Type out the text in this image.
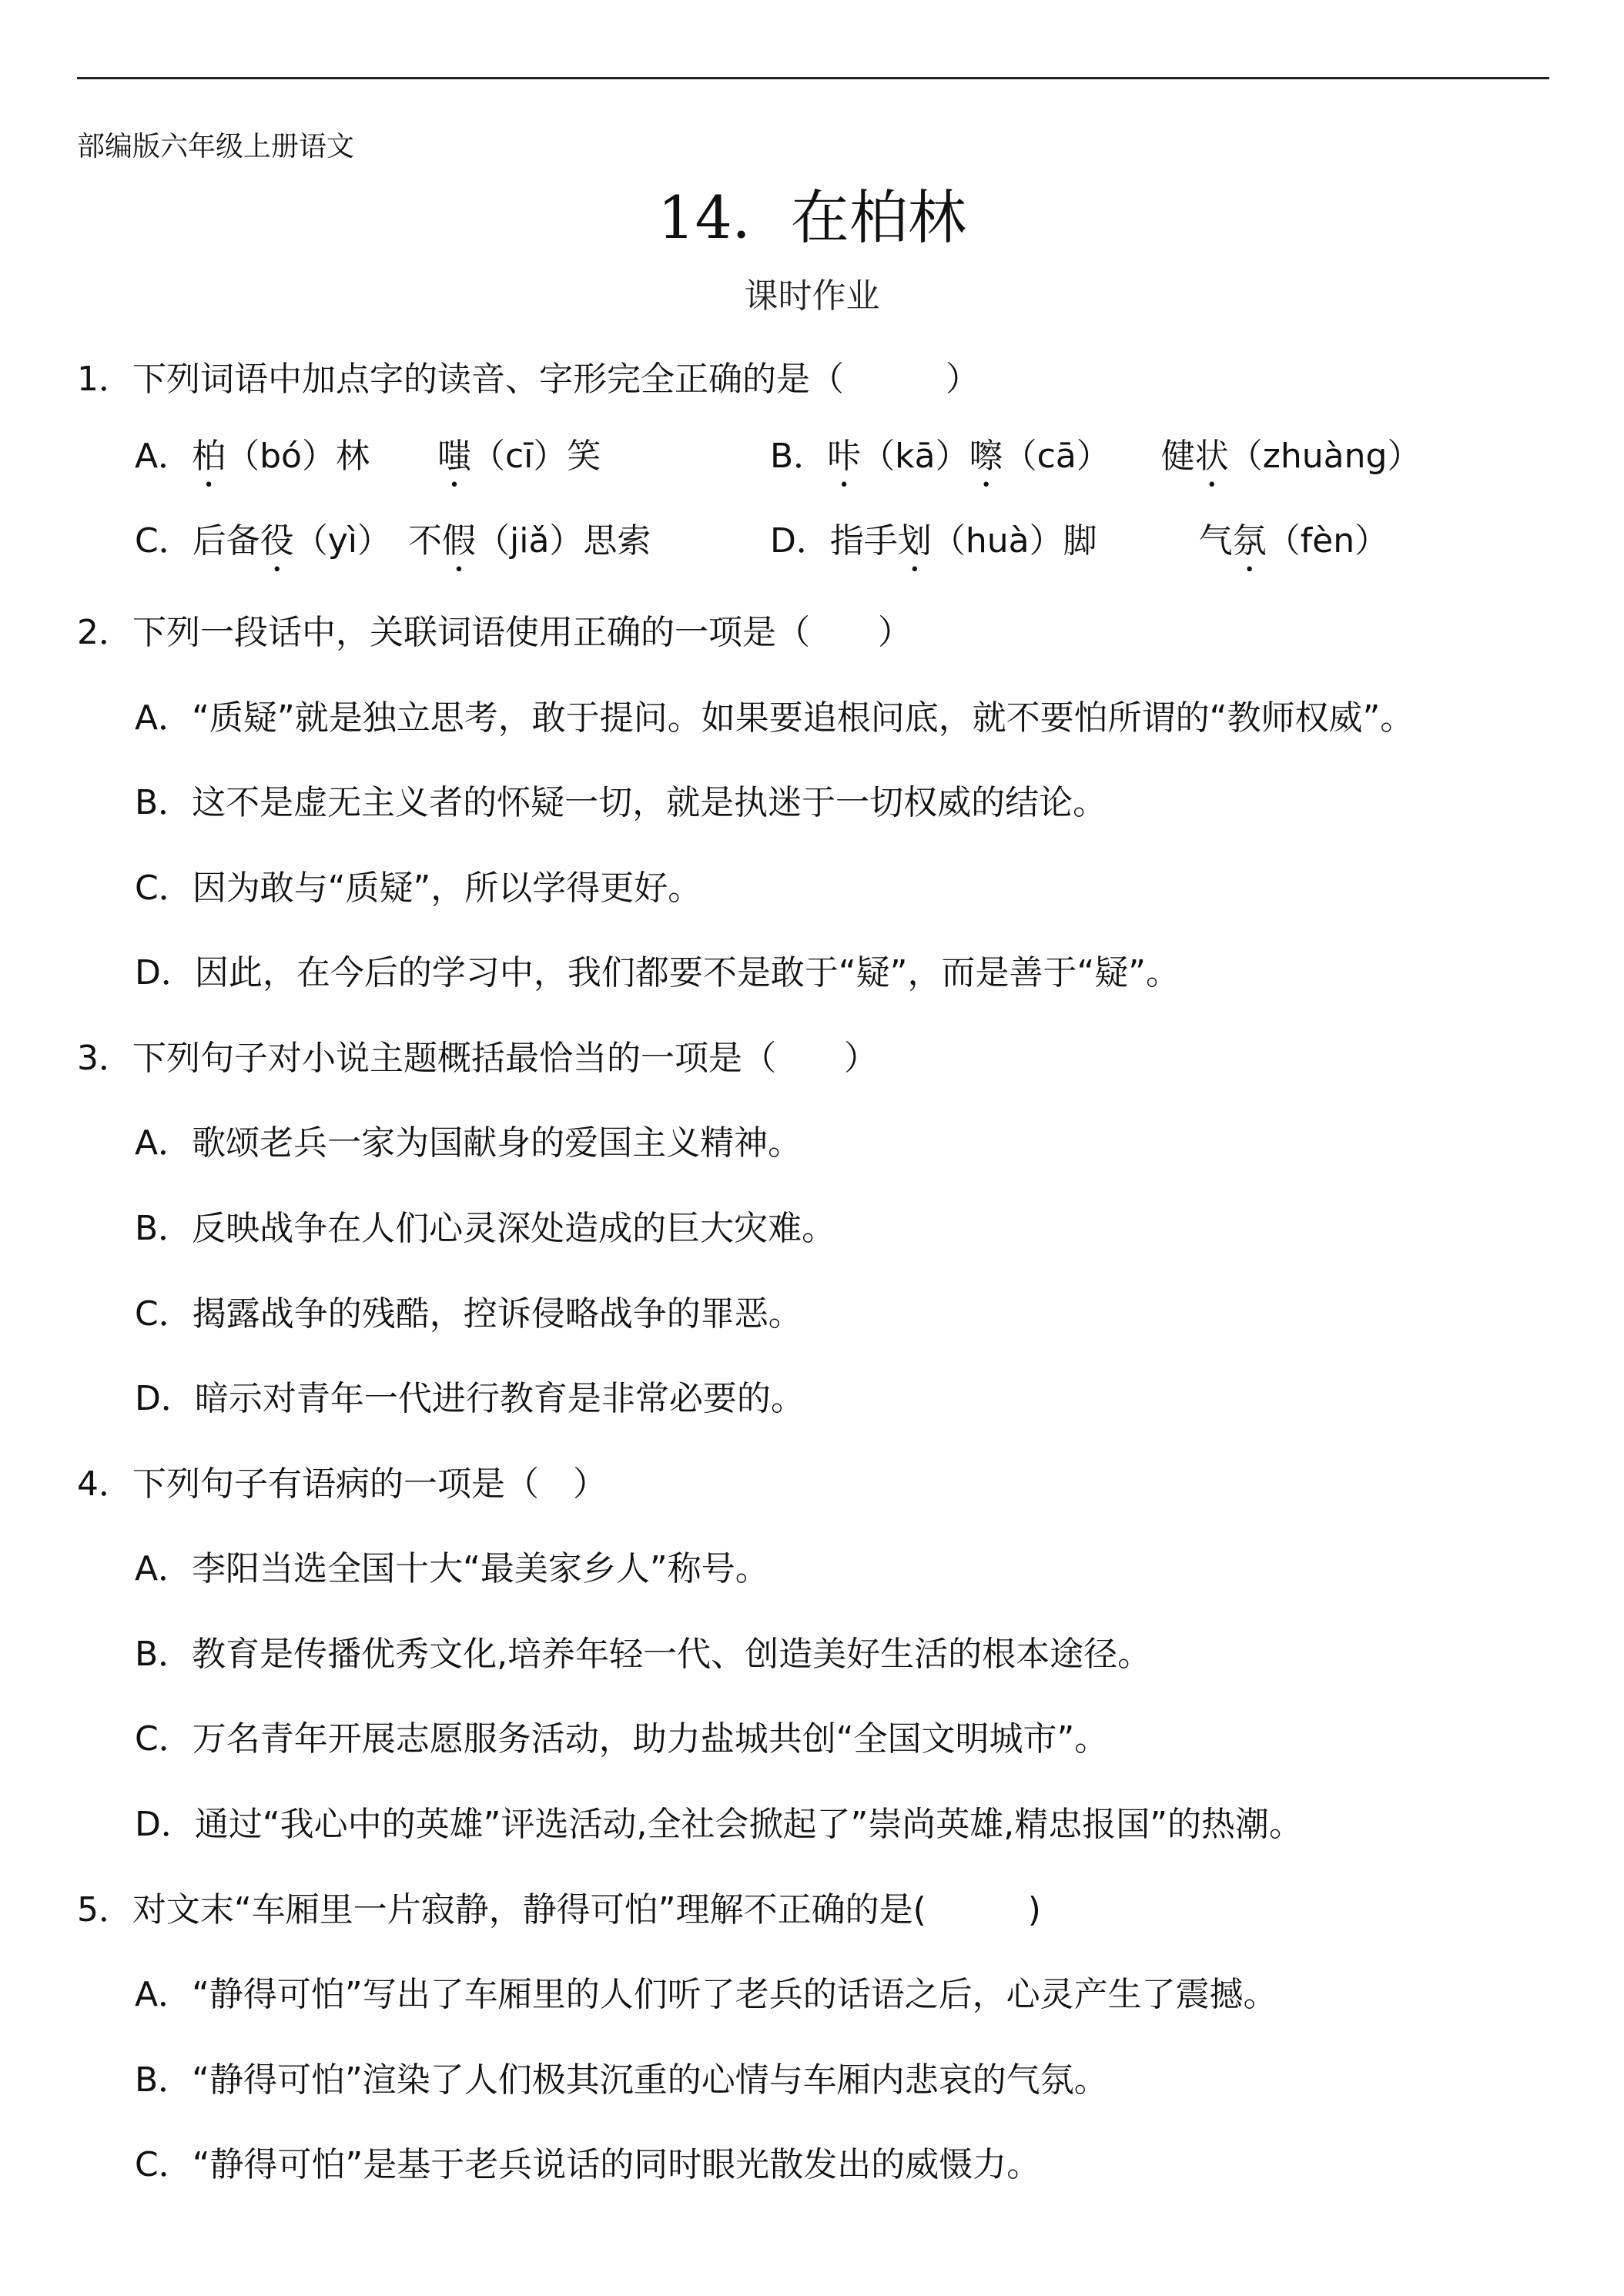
部编版六年级上册语文
14．在柏林
课时作业
1．下列词语中加点字的读音、字形完全正确的是（　　　）
A．柏（bó）林　　嗤（cī）笑	B．咔（kā）嚓（cā）　　健状（zhuàng）
C．后备役（yì）　不假（jiǎ）思索	D．指手划（huà）脚　　　气氛（fèn）
2．下列一段话中，关联词语使用正确的一项是（　　）
A．“质疑”就是独立思考，敢于提问。如果要追根问底，就不要怕所谓的“教师权威”。
B．这不是虚无主义者的怀疑一切，就是执迷于一切权威的结论。
C．因为敢与“质疑”，所以学得更好。
D．因此，在今后的学习中，我们都要不是敢于“疑”，而是善于“疑”。
3．下列句子对小说主题概括最恰当的一项是（　　）
A．歌颂老兵一家为国献身的爱国主义精神。
B．反映战争在人们心灵深处造成的巨大灾难。
C．揭露战争的残酷，控诉侵略战争的罪恶。
D．暗示对青年一代进行教育是非常必要的。
4．下列句子有语病的一项是（　）
A．李阳当选全国十大“最美家乡人”称号。
B．教育是传播优秀文化,培养年轻一代、创造美好生活的根本途径。
C．万名青年开展志愿服务活动，助力盐城共创“全国文明城市”。
D．通过“我心中的英雄”评选活动,全社会掀起了”崇尚英雄,精忠报国”的热潮。
5．对文末“车厢里一片寂静，静得可怕”理解不正确的是(　　　)
A．“静得可怕”写出了车厢里的人们听了老兵的话语之后，心灵产生了震撼。
B．“静得可怕”渲染了人们极其沉重的心情与车厢内悲哀的气氛。
C．“静得可怕”是基于老兵说话的同时眼光散发出的威慑力。
